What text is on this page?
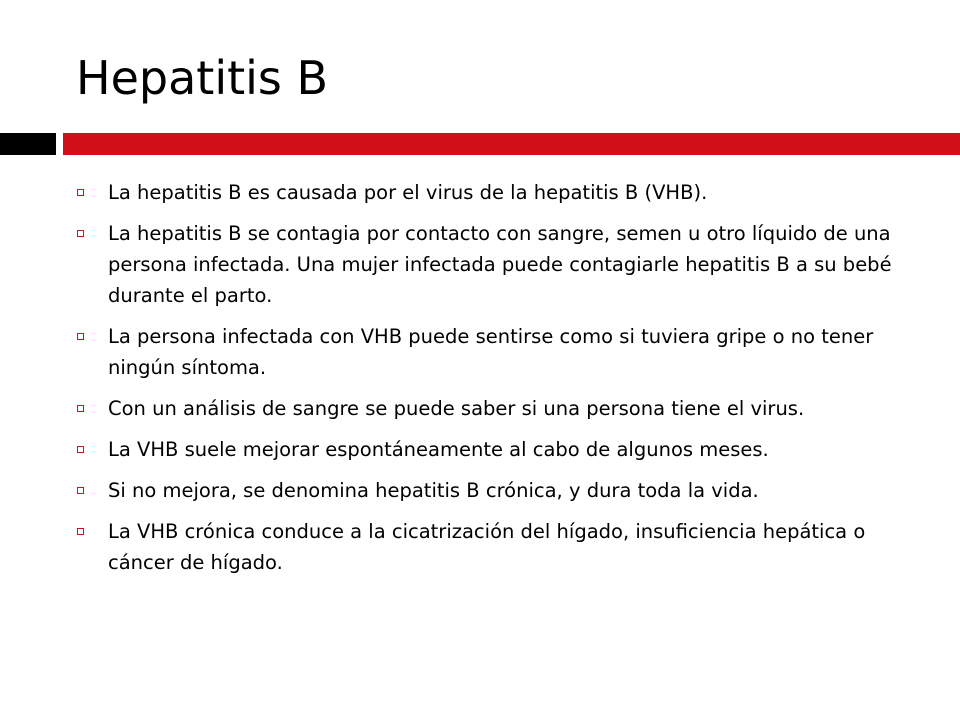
Hepatitis B
La hepatitis B es causada por el virus de la hepatitis B (VHB).
La hepatitis B se contagia por contacto con sangre, semen u otro líquido de una persona infectada. Una mujer infectada puede contagiarle hepatitis B a su bebé durante el parto.
La persona infectada con VHB puede sentirse como si tuviera gripe o no tener ningún síntoma.
Con un análisis de sangre se puede saber si una persona tiene el virus.
La VHB suele mejorar espontáneamente al cabo de algunos meses.
Si no mejora, se denomina hepatitis B crónica, y dura toda la vida.
La VHB crónica conduce a la cicatrización del hígado, insuficiencia hepática o cáncer de hígado.
